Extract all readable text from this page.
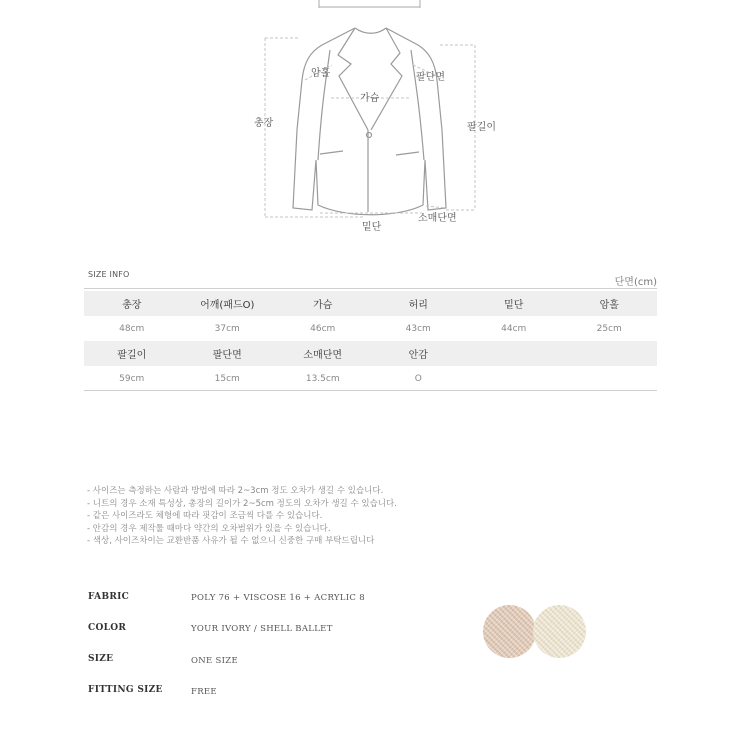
암홀	팔단면
가슴
총장	팔길이
소매단면
밑단
SIZE INFO
단면(cm)
총장	어깨(패드O)	가슴	허리	밑단	암홀
48cm	37cm	46cm	43cm	44cm	25cm
팔길이	팔단면	소매단면	안감
59cm	15cm	13.5cm	O
- 사이즈는 측정하는 사람과 방법에 따라 2~3cm 정도 오차가 생길 수 있습니다.
- 니트의 경우 소재 특성상, 총장의 길이가 2~5cm 정도의 오차가 생길 수 있습니다.
- 같은 사이즈라도 체형에 따라 핏감이 조금씩 다를 수 있습니다.
- 안감의 경우 제작툴 때마다 약간의 오차범위가 있을 수 있습니다.
- 색상, 사이즈차이는 교환반품 사유가 될 수 없으니 신중한 구매 부탁드립니다
FABRIC	POLY 76 + VISCOSE 16 + ACRYLIC 8
COLOR	YOUR IVORY / SHELL BALLET
SIZE	ONE SIZE
FITTING SIZE	FREE
